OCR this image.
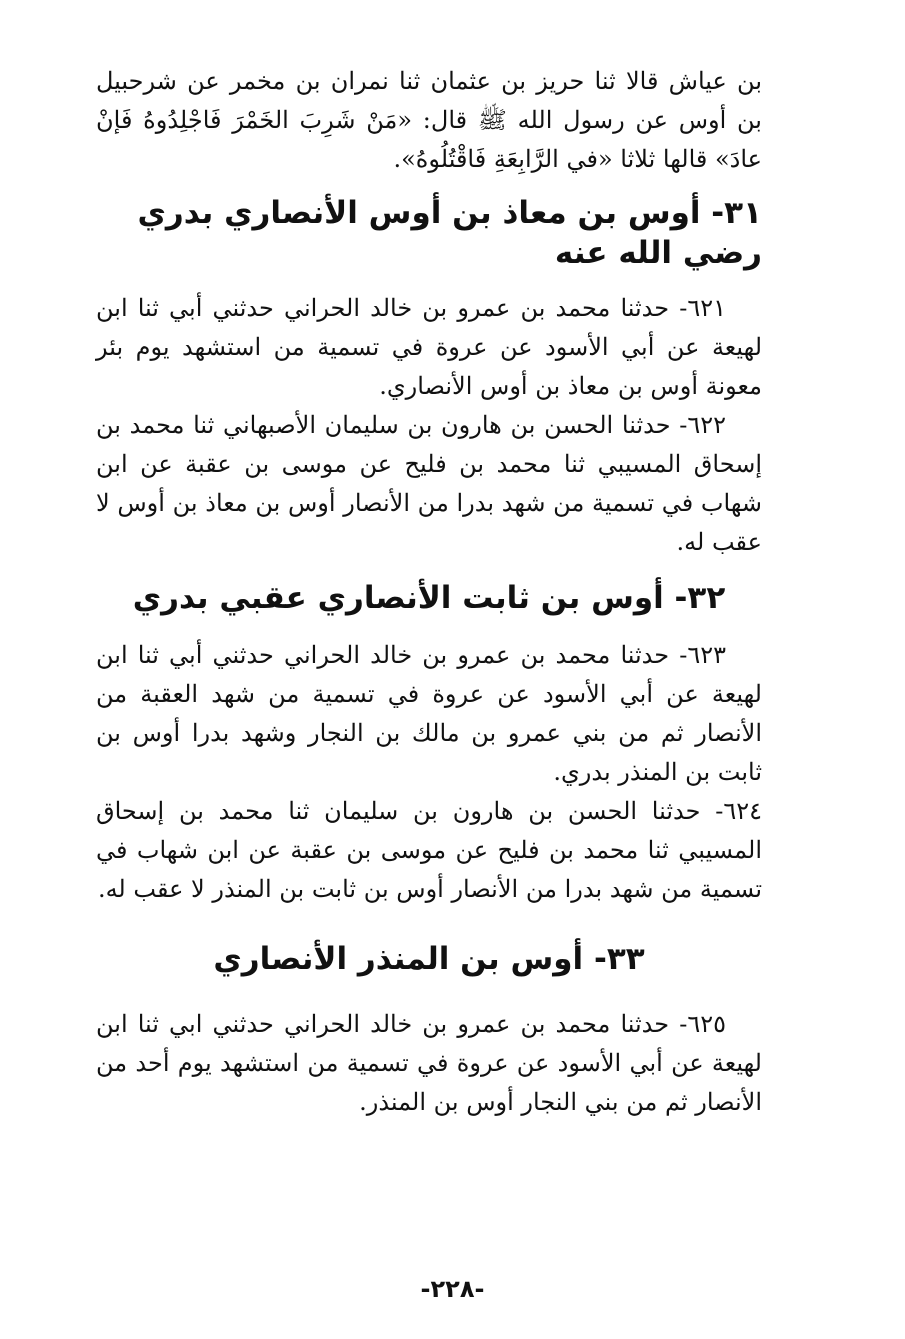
بن عياش قالا ثنا حريز بن عثمان ثنا نمران بن مخمر عن شرحبيل بن أوس عن رسول الله ﷺ قال: «مَنْ شَرِبَ الخَمْرَ فَاجْلِدُوهُ فَإنْ عادَ» قالها ثلاثا «في الرَّابِعَةِ فَاقْتُلُوهُ».

٣١- أوس بن معاذ بن أوس الأنصاري بدري رضي الله عنه

٦٢١- حدثنا محمد بن عمرو بن خالد الحراني حدثني أبي ثنا ابن لهيعة عن أبي الأسود عن عروة في تسمية من استشهد يوم بئر معونة أوس بن معاذ بن أوس الأنصاري.

٦٢٢- حدثنا الحسن بن هارون بن سليمان الأصبهاني ثنا محمد بن إسحاق المسيبي ثنا محمد بن فليح عن موسى بن عقبة عن ابن شهاب في تسمية من شهد بدرا من الأنصار أوس بن معاذ بن أوس لا عقب له.

٣٢- أوس بن ثابت الأنصاري عقبي بدري

٦٢٣- حدثنا محمد بن عمرو بن خالد الحراني حدثني أبي ثنا ابن لهيعة عن أبي الأسود عن عروة في تسمية من شهد العقبة من الأنصار ثم من بني عمرو بن مالك بن النجار وشهد بدرا أوس بن ثابت بن المنذر بدري.

٦٢٤- حدثنا الحسن بن هارون بن سليمان ثنا محمد بن إسحاق المسيبي ثنا محمد بن فليح عن موسى بن عقبة عن ابن شهاب في تسمية من شهد بدرا من الأنصار أوس بن ثابت بن المنذر لا عقب له.

٣٣- أوس بن المنذر الأنصاري

٦٢٥- حدثنا محمد بن عمرو بن خالد الحراني حدثني ابي ثنا ابن لهيعة عن أبي الأسود عن عروة في تسمية من استشهد يوم أحد من الأنصار ثم من بني النجار أوس بن المنذر.

-٢٢٨-
